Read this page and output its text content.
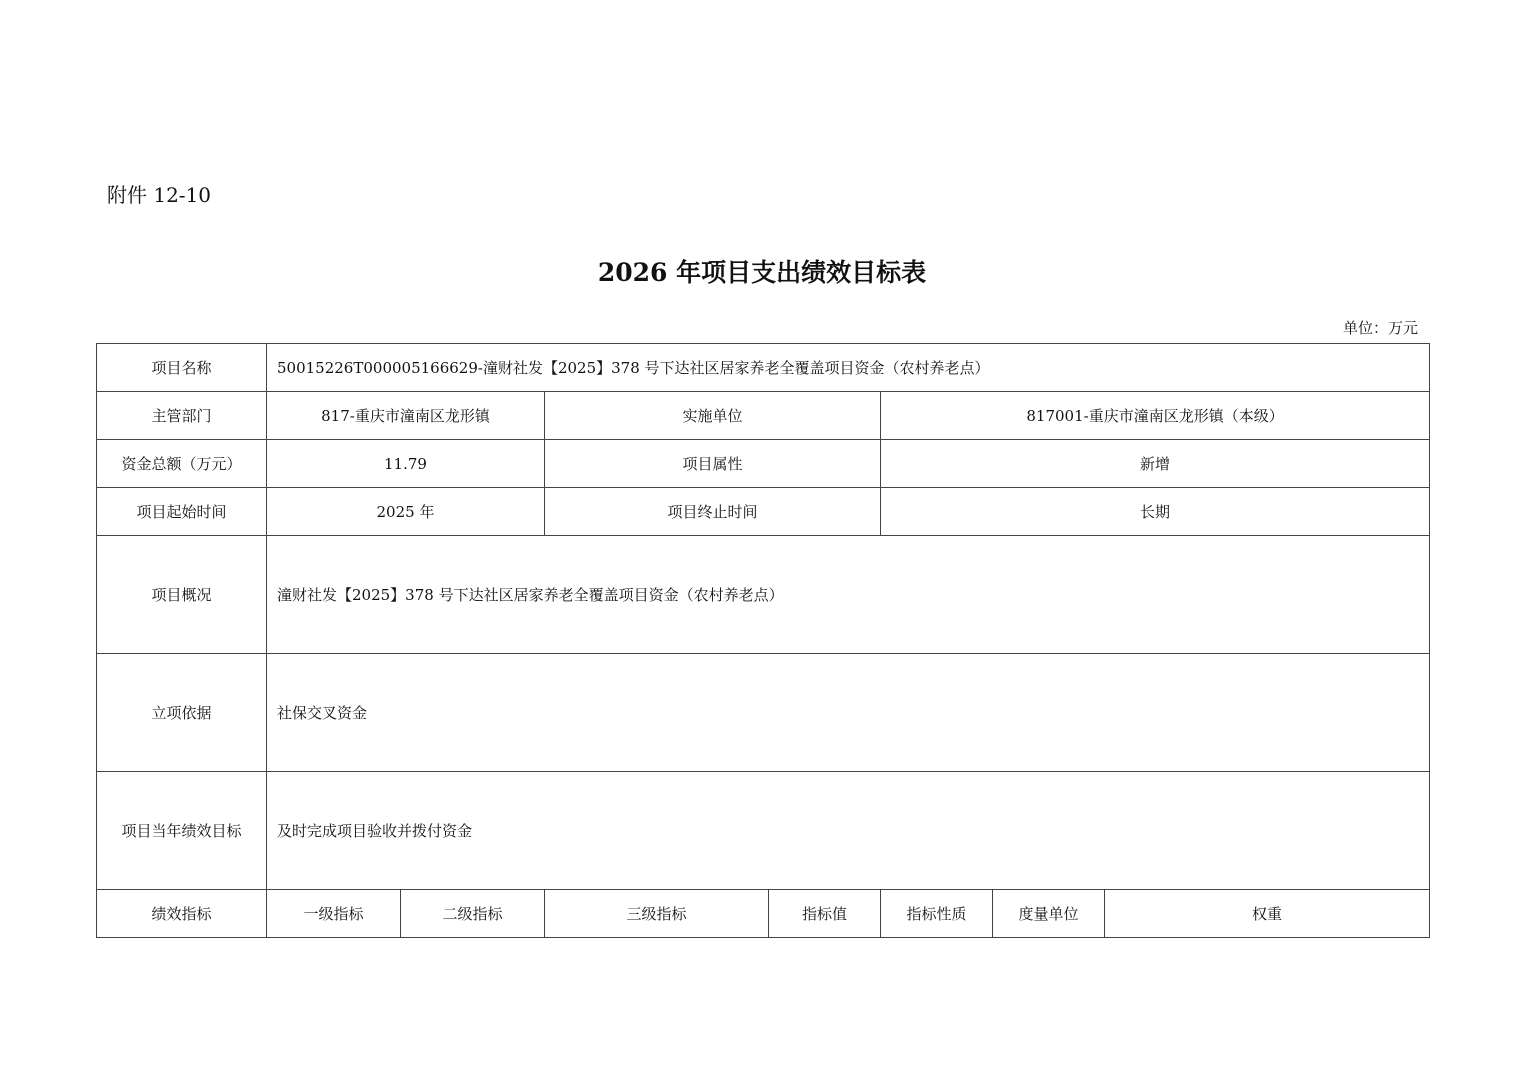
附件 12-10
2026 年项目支出绩效目标表
单位：万元
项目名称	50015226T000005166629-潼财社发【2025】378 号下达社区居家养老全覆盖项目资金（农村养老点）						
主管部门	817-重庆市潼南区龙形镇		实施单位		817001-重庆市潼南区龙形镇（本级）		
资金总额（万元）	11.79		项目属性		新增		
项目起始时间	2025 年		项目终止时间		长期		
项目概况	潼财社发【2025】378 号下达社区居家养老全覆盖项目资金（农村养老点）						
立项依据	社保交叉资金						
项目当年绩效目标	及时完成项目验收并拨付资金						
绩效指标	一级指标	二级指标	三级指标	指标值	指标性质	度量单位	权重
